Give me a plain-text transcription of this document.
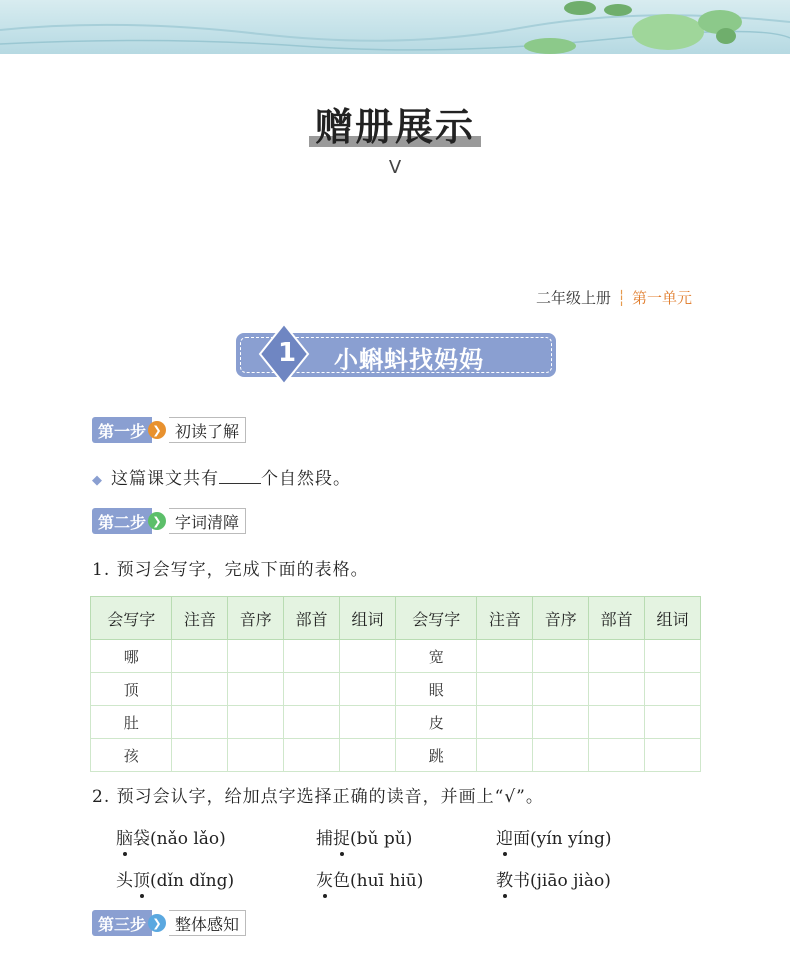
赠册展示
V
二年级上册 ┆ 第一单元
1 小蝌蚪找妈妈
第一步 ❯ 初读了解
◆ 这篇课文共有 个自然段。
第二步 ❯ 字词清障
1. 预习会写字，完成下面的表格。
会写字	注音	音序	部首	组词	会写字	注音	音序	部首	组词
哪					宽				
顶					眼				
肚					皮				
孩					跳				
2. 预习会认字，给加点字选择正确的读音，并画上“√”。
脑袋(nǎo lǎo)	捕捉(bǔ pǔ)	迎面(yín yíng)
头顶(dǐn dǐng)	灰色(huī hiū)	教书(jiāo jiào)
第三步 ❯ 整体感知
